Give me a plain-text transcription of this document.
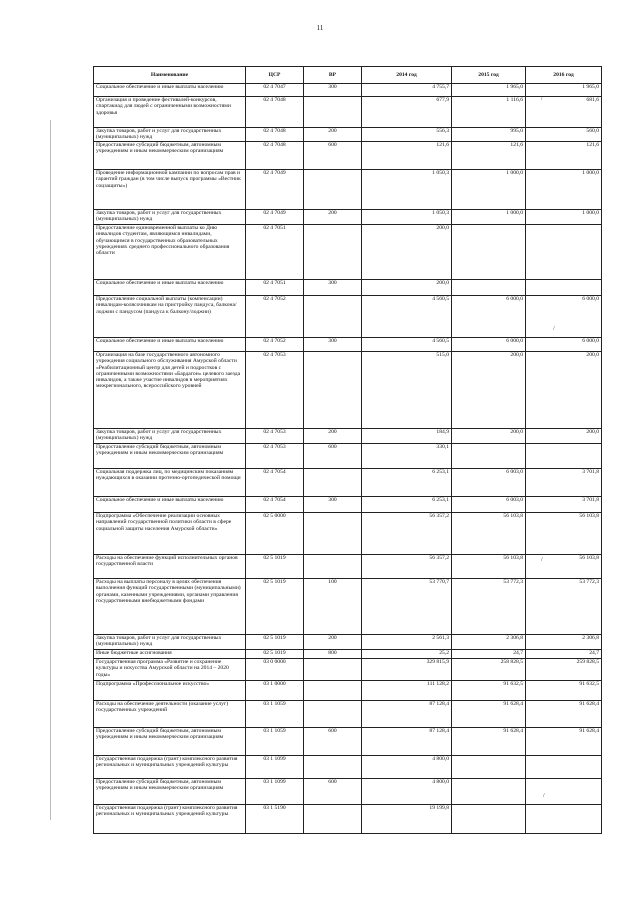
11
Наименование	ЦСР	ВР	2014 год	2015 год	2016 год
Социальное обеспечение и иные выплаты населению	02 4 7047	300	4 755,7	1 965,0	1 965,0
Организация и проведение фестивалей-конкурсов, спартакиад для людей с ограниченными возможностями здоровья	02 4 7048		677,9	1 116,6	681,6
Закупка товаров, работ и услуг для государственных (муниципальных) нужд	02 4 7048	200	556,3	995,0	560,0
Предоставление субсидий бюджетным, автономным учреждениям и иным некоммерческим организациям	02 4 7048	600	121,6	121,6	121,6
Проведение информационной кампании по вопросам прав и гарантий граждан (в том числе выпуск программы «Вестник соцзащиты»)	02 4 7049		1 050,3	1 000,0	1 000,0
Закупка товаров, работ и услуг для государственных (муниципальных) нужд	02 4 7049	200	1 050,3	1 000,0	1 000,0
Предоставление единовременной выплаты ко Дню инвалидов студентам, являющимся инвалидами, обучающимся в государственных образовательных учреждениях среднего профессионального образования области	02 4 7051		200,0		
Социальное обеспечение и иные выплаты населению	02 4 7051	300	200,0		
Предоставление социальной выплаты (компенсации) инвалидам-колясочникам на пристройку пандуса, балкона/лоджии с пандусом (пандуса к балкону/лоджии)	02 4 7052		4 560,5	6 000,0	6 000,0
Социальное обеспечение и иные выплаты населению	02 4 7052	300	4 560,5	6 000,0	6 000,0
Организация на базе государственного автономного учреждения социального обслуживания Амурской области «Реабилитационный центр для детей и подростков с ограниченными возможностями «Бардагон» целевого заезда инвалидов, а также участие инвалидов в мероприятиях межрегионального, всероссийского уровней	02 4 7053		515,0	200,0	200,0
Закупка товаров, работ и услуг для государственных (муниципальных) нужд	02 4 7053	200	184,9	200,0	200,0
Предоставление субсидий бюджетным, автономным учреждениям и иным некоммерческим организациям	02 4 7053	600	330,1		
Социальная поддержка лиц, по медицинским показаниям нуждающихся в оказании протезно-ортопедической помощи	02 4 7054		6 253,1	6 003,0	3 701,8
Социальное обеспечение и иные выплаты населению	02 4 7054	300	6 253,1	6 003,0	3 701,8
Подпрограмма «Обеспечение реализации основных направлений государственной политики области в сфере социальной защиты населения Амурской области»	02 5 0000		56 357,2	56 103,8	56 103,8
Расходы на обеспечение функций исполнительных органов государственной власти	02 5 1019		56 357,2	56 103,8	56 103,8
Расходы на выплаты персоналу в целях обеспечения выполнения функций государственными (муниципальными) органами, казенными учреждениями, органами управления государственными внебюджетными фондами	02 5 1019	100	53 770,7	53 772,3	53 772,3
Закупка товаров, работ и услуг для государственных (муниципальных) нужд	02 5 1019	200	2 561,3	2 306,8	2 306,8
Иные бюджетные ассигнования	02 5 1019	800	25,2	24,7	24,7
Государственная программа «Развитие и сохранение культуры и искусства Амурской области на 2014 – 2020 годы»	03 0 0000		329 815,9	258 828,5	259 828,5
Подпрограмма «Профессиональное искусство»	03 1 0000		111 128,2	91 632,5	91 632,5
Расходы на обеспечение деятельности (оказание услуг) государственных учреждений	03 1 1059		87 128,4	91 628,4	91 628,4
Предоставление субсидий бюджетным, автономным учреждениям и иным некоммерческим организациям	03 1 1059	600	87 128,4	91 628,4	91 628,4
Государственная поддержка (грант) комплексного развития региональных и муниципальных учреждений культуры	03 1 1099		4 800,0		
Предоставление субсидий бюджетным, автономным учреждениям и иным некоммерческим организациям	03 1 1099	600	4 800,0		
Государственная поддержка (грант) комплексного развития региональных и муниципальных учреждений культуры	03 1 5190		19 199,8		
/
/
/
/
